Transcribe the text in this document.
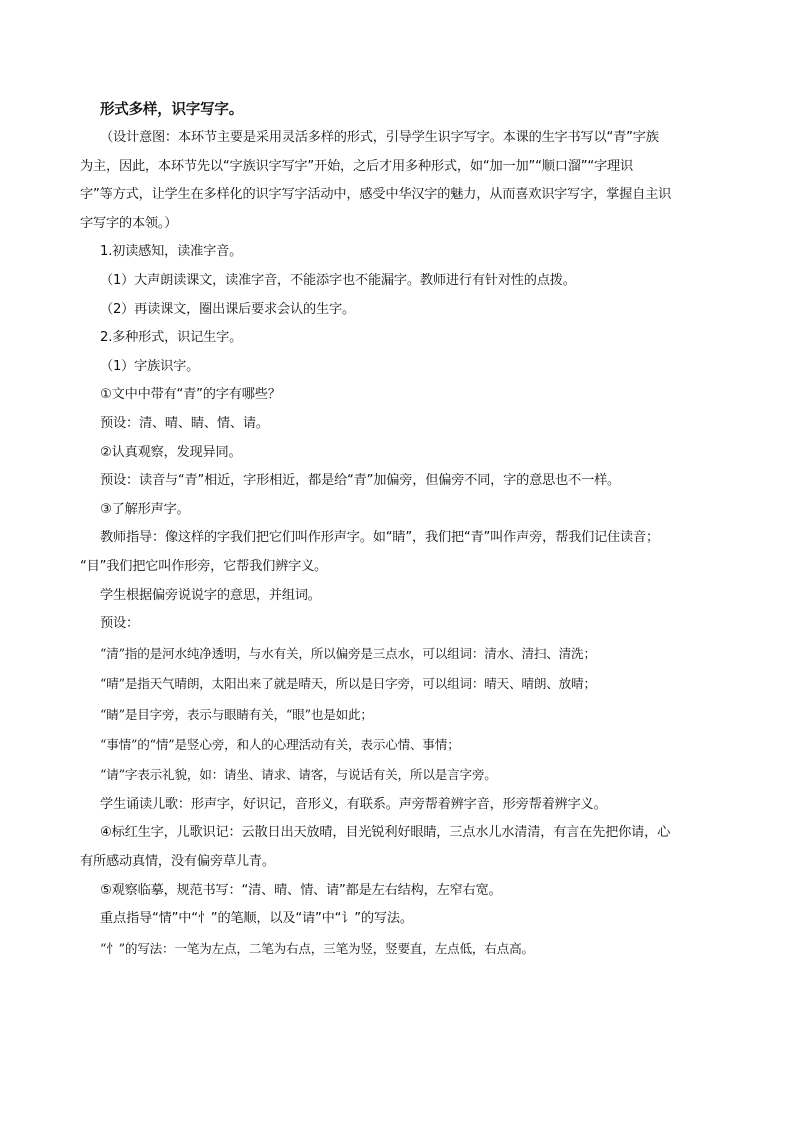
形式多样，识字写字。

（设计意图：本环节主要是采用灵活多样的形式，引导学生识字写字。本课的生字书写以“青”字族

为主，因此，本环节先以“字族识字写字”开始，之后才用多种形式，如“加一加”“顺口溜”“字理识

字”等方式，让学生在多样化的识字写字活动中，感受中华汉字的魅力，从而喜欢识字写字，掌握自主识

字写字的本领。）

1.初读感知，读准字音。

（1）大声朗读课文，读准字音，不能添字也不能漏字。教师进行有针对性的点拨。

（2）再读课文，圈出课后要求会认的生字。

2.多种形式，识记生字。

（1）字族识字。

①文中中带有“青”的字有哪些？

预设：清、晴、睛、情、请。

②认真观察，发现异同。

预设：读音与“青”相近，字形相近，都是给“青”加偏旁，但偏旁不同，字的意思也不一样。

③了解形声字。

教师指导：像这样的字我们把它们叫作形声字。如“睛”，我们把“青”叫作声旁，帮我们记住读音；

“目”我们把它叫作形旁，它帮我们辨字义。

学生根据偏旁说说字的意思，并组词。

预设：

“清”指的是河水纯净透明，与水有关，所以偏旁是三点水，可以组词：清水、清扫、清洗；

“晴”是指天气晴朗，太阳出来了就是晴天，所以是日字旁，可以组词：晴天、晴朗、放晴；

“睛”是目字旁，表示与眼睛有关，“眼”也是如此；

“事情”的“情”是竖心旁，和人的心理活动有关，表示心情、事情；

“请”字表示礼貌，如：请坐、请求、请客，与说话有关，所以是言字旁。

学生诵读儿歌：形声字，好识记，音形义，有联系。声旁帮着辨字音，形旁帮着辨字义。

④标红生字，儿歌识记：云散日出天放晴，目光锐利好眼睛，三点水儿水清清，有言在先把你请，心

有所感动真情，没有偏旁草儿青。

⑤观察临摹，规范书写：“清、晴、情、请”都是左右结构，左窄右宽。

重点指导“情”中“忄”的笔顺，以及“请”中“讠”的写法。

“忄”的写法：一笔为左点，二笔为右点，三笔为竖，竖要直，左点低，右点高。
